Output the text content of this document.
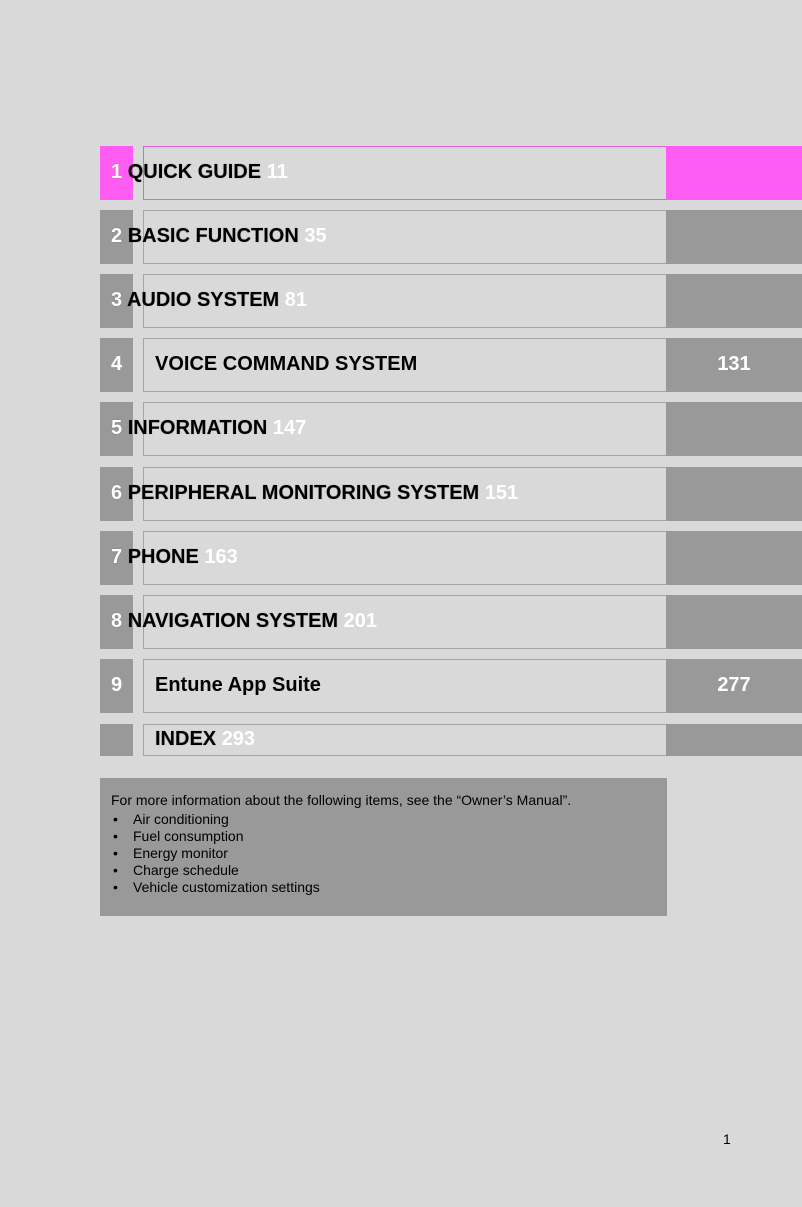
1 QUICK GUIDE 11
2 BASIC FUNCTION 35
3 AUDIO SYSTEM 81
4 VOICE COMMAND SYSTEM	131
5 INFORMATION 147
6 PERIPHERAL MONITORING SYSTEM 151
7 PHONE 163
8 NAVIGATION SYSTEM 201
9 Entune App Suite	277
INDEX 293

For more information about the following items, see the “Owner’s Manual”.

• Air conditioning
• Fuel consumption
• Energy monitor
• Charge schedule
• Vehicle customization settings
1
